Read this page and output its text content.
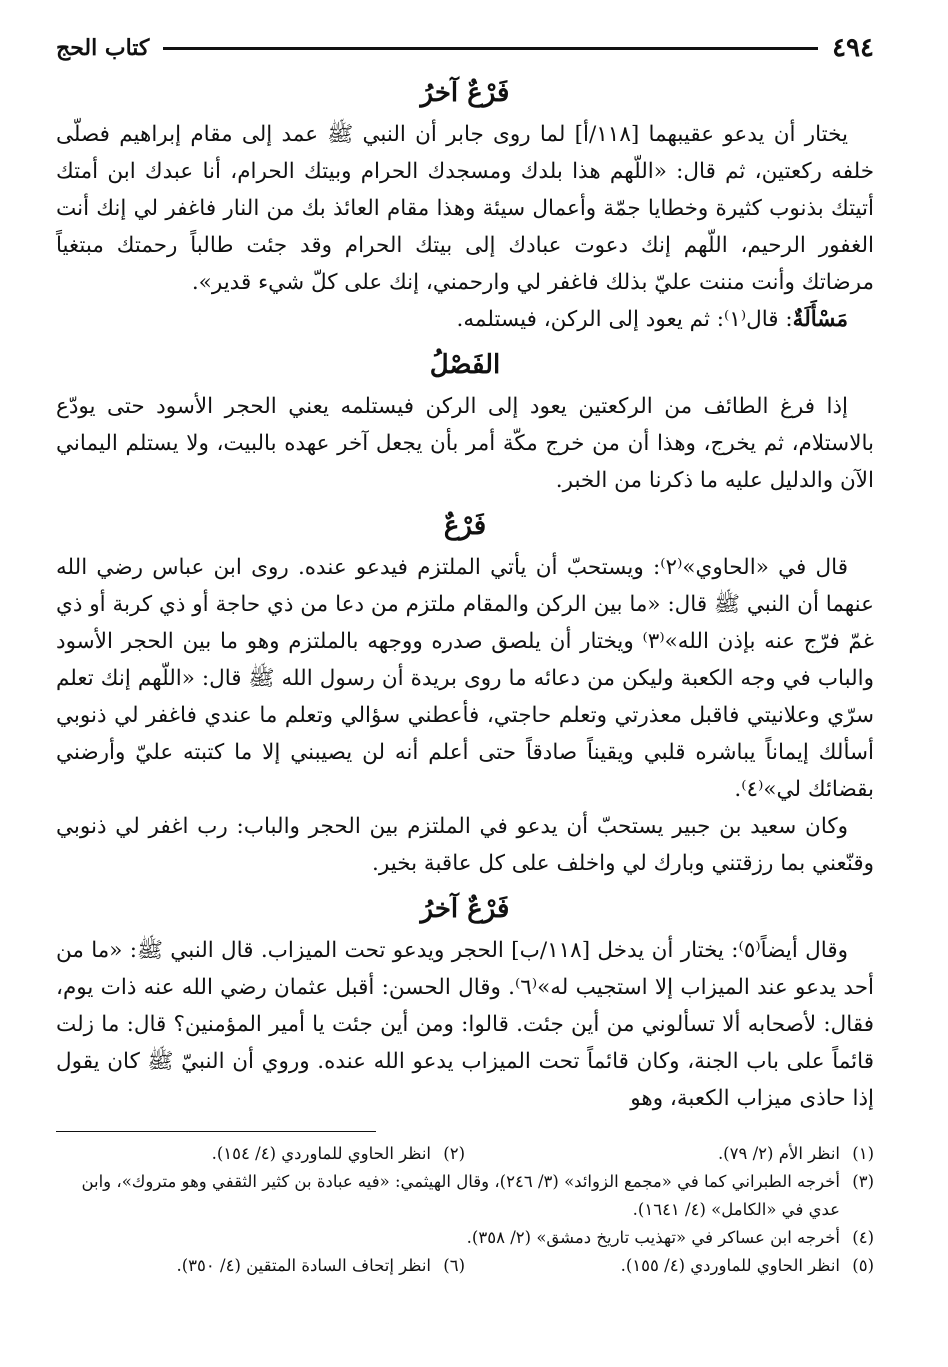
٤٩٤
كتاب الحج
فَرْعٌ آخرُ

يختار أن يدعو عقيبهما [١١٨/أ] لما روى جابر أن النبي ﷺ عمد إلى مقام إبراهيم فصلّى خلفه ركعتين، ثم قال: «اللّهم هذا بلدك ومسجدك الحرام وبيتك الحرام، أنا عبدك ابن أمتك أتيتك بذنوب كثيرة وخطايا جمّة وأعمال سيئة وهذا مقام العائذ بك من النار فاغفر لي إنك أنت الغفور الرحيم، اللّهم إنك دعوت عبادك إلى بيتك الحرام وقد جئت طالباً رحمتك مبتغياً مرضاتك وأنت مننت عليّ بذلك فاغفر لي وارحمني، إنك على كلّ شيء قدير».

مَسْأَلَةٌ: قال⁽١⁾: ثم يعود إلى الركن، فيستلمه.

الفَصْلُ

إذا فرغ الطائف من الركعتين يعود إلى الركن فيستلمه يعني الحجر الأسود حتى يودّع بالاستلام، ثم يخرج، وهذا أن من خرج مكّة أمر بأن يجعل آخر عهده بالبيت، ولا يستلم اليماني الآن والدليل عليه ما ذكرنا من الخبر.

فَرْعٌ

قال في «الحاوي»⁽٢⁾: ويستحبّ أن يأتي الملتزم فيدعو عنده. روى ابن عباس رضي الله عنهما أن النبي ﷺ قال: «ما بين الركن والمقام ملتزم من دعا من ذي حاجة أو ذي كربة أو ذي غمّ فرّج عنه بإذن الله»⁽٣⁾ ويختار أن يلصق صدره ووجهه بالملتزم وهو ما بين الحجر الأسود والباب في وجه الكعبة وليكن من دعائه ما روى بريدة أن رسول الله ﷺ قال: «اللّهم إنك تعلم سرّي وعلانيتي فاقبل معذرتي وتعلم حاجتي، فأعطني سؤالي وتعلم ما عندي فاغفر لي ذنوبي أسألك إيماناً يباشره قلبي ويقيناً صادقاً حتى أعلم أنه لن يصيبني إلا ما كتبته عليّ وأرضني بقضائك لي»⁽٤⁾.

وكان سعيد بن جبير يستحبّ أن يدعو في الملتزم بين الحجر والباب: رب اغفر لي ذنوبي وقنّعني بما رزقتني وبارك لي واخلف على كل عاقبة بخير.

فَرْعٌ آخرُ

وقال أيضاً⁽٥⁾: يختار أن يدخل [١١٨/ب] الحجر ويدعو تحت الميزاب. قال النبي ﷺ: «ما من أحد يدعو عند الميزاب إلا استجيب له»⁽٦⁾. وقال الحسن: أقبل عثمان رضي الله عنه ذات يوم، فقال: لأصحابه ألا تسألوني من أين جئت. قالوا: ومن أين جئت يا أمير المؤمنين؟ قال: ما زلت قائماً على باب الجنة، وكان قائماً تحت الميزاب يدعو الله عنده. وروي أن النبيّ ﷺ كان يقول إذا حاذى ميزاب الكعبة، وهو

(١)
انظر الأم (٢/ ٧٩).
(٢)
انظر الحاوي للماوردي (٤/ ١٥٤).
(٣)
أخرجه الطبراني كما في «مجمع الزوائد» (٣/ ٢٤٦)، وقال الهيثمي: «فيه عبادة بن كثير الثقفي وهو متروك»، وابن عدي في «الكامل» (٤/ ١٦٤١).
(٤)
أخرجه ابن عساكر في «تهذيب تاريخ دمشق» (٢/ ٣٥٨).
(٥)
انظر الحاوي للماوردي (٤/ ١٥٥).
(٦)
انظر إتحاف السادة المتقين (٤/ ٣٥٠).
